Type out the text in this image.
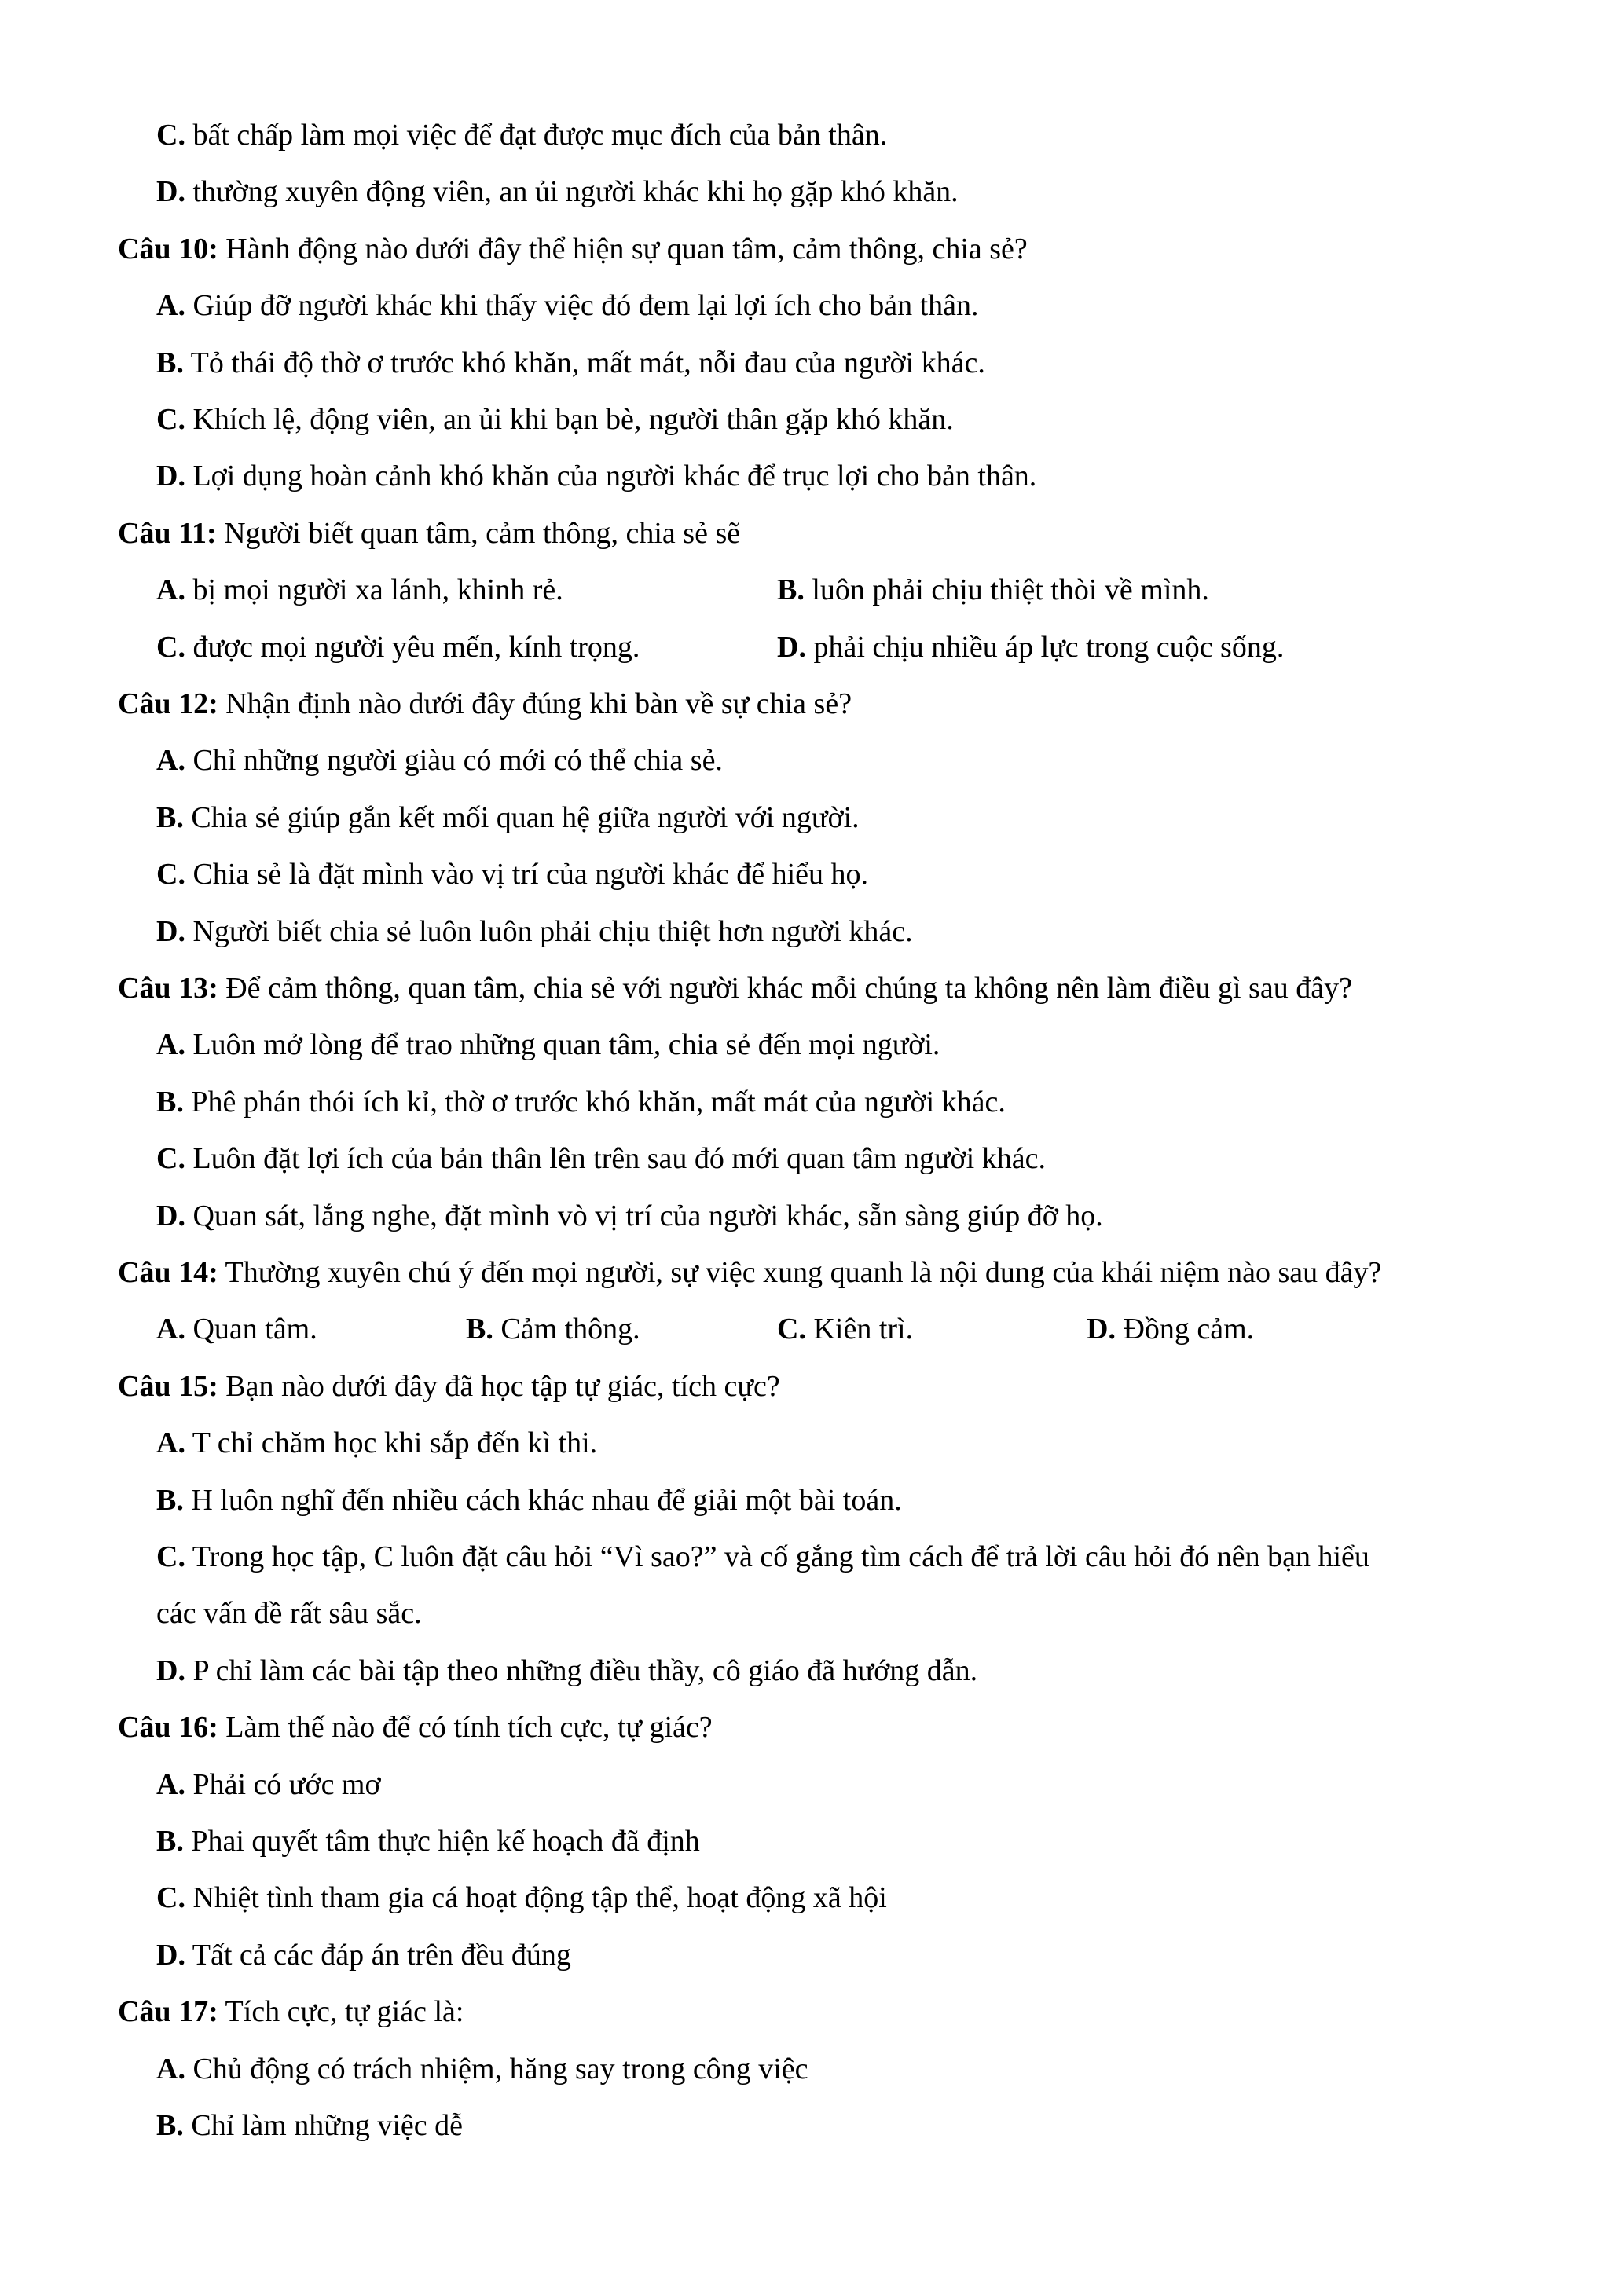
C. bất chấp làm mọi việc để đạt được mục đích của bản thân.
D. thường xuyên động viên, an ủi người khác khi họ gặp khó khăn.
Câu 10: Hành động nào dưới đây thể hiện sự quan tâm, cảm thông, chia sẻ?
A. Giúp đỡ người khác khi thấy việc đó đem lại lợi ích cho bản thân.
B. Tỏ thái độ thờ ơ trước khó khăn, mất mát, nỗi đau của người khác.
C. Khích lệ, động viên, an ủi khi bạn bè, người thân gặp khó khăn.
D. Lợi dụng hoàn cảnh khó khăn của người khác để trục lợi cho bản thân.
Câu 11: Người biết quan tâm, cảm thông, chia sẻ sẽ
A. bị mọi người xa lánh, khinh rẻ.	B. luôn phải chịu thiệt thòi về mình.
C. được mọi người yêu mến, kính trọng.	D. phải chịu nhiều áp lực trong cuộc sống.
Câu 12: Nhận định nào dưới đây đúng khi bàn về sự chia sẻ?
A. Chỉ những người giàu có mới có thể chia sẻ.
B. Chia sẻ giúp gắn kết mối quan hệ giữa người với người.
C. Chia sẻ là đặt mình vào vị trí của người khác để hiểu họ.
D. Người biết chia sẻ luôn luôn phải chịu thiệt hơn người khác.
Câu 13: Để cảm thông, quan tâm, chia sẻ với người khác mỗi chúng ta không nên làm điều gì sau đây?
A. Luôn mở lòng để trao những quan tâm, chia sẻ đến mọi người.
B. Phê phán thói ích kỉ, thờ ơ trước khó khăn, mất mát của người khác.
C. Luôn đặt lợi ích của bản thân lên trên sau đó mới quan tâm người khác.
D. Quan sát, lắng nghe, đặt mình vò vị trí của người khác, sẵn sàng giúp đỡ họ.
Câu 14: Thường xuyên chú ý đến mọi người, sự việc xung quanh là nội dung của khái niệm nào sau đây?
A. Quan tâm.	B. Cảm thông.	C. Kiên trì.	D. Đồng cảm.
Câu 15: Bạn nào dưới đây đã học tập tự giác, tích cực?
A. T chỉ chăm học khi sắp đến kì thi.
B. H luôn nghĩ đến nhiều cách khác nhau để giải một bài toán.
C. Trong học tập, C luôn đặt câu hỏi “Vì sao?” và cố gắng tìm cách để trả lời câu hỏi đó nên bạn hiểu
các vấn đề rất sâu sắc.
D. P chỉ làm các bài tập theo những điều thầy, cô giáo đã hướng dẫn.
Câu 16: Làm thế nào để có tính tích cực, tự giác?
A. Phải có ước mơ
B. Phai quyết tâm thực hiện kế hoạch đã định
C. Nhiệt tình tham gia cá hoạt động tập thể, hoạt động xã hội
D. Tất cả các đáp án trên đều đúng
Câu 17: Tích cực, tự giác là:
A. Chủ động có trách nhiệm, hăng say trong công việc
B. Chỉ làm những việc dễ
